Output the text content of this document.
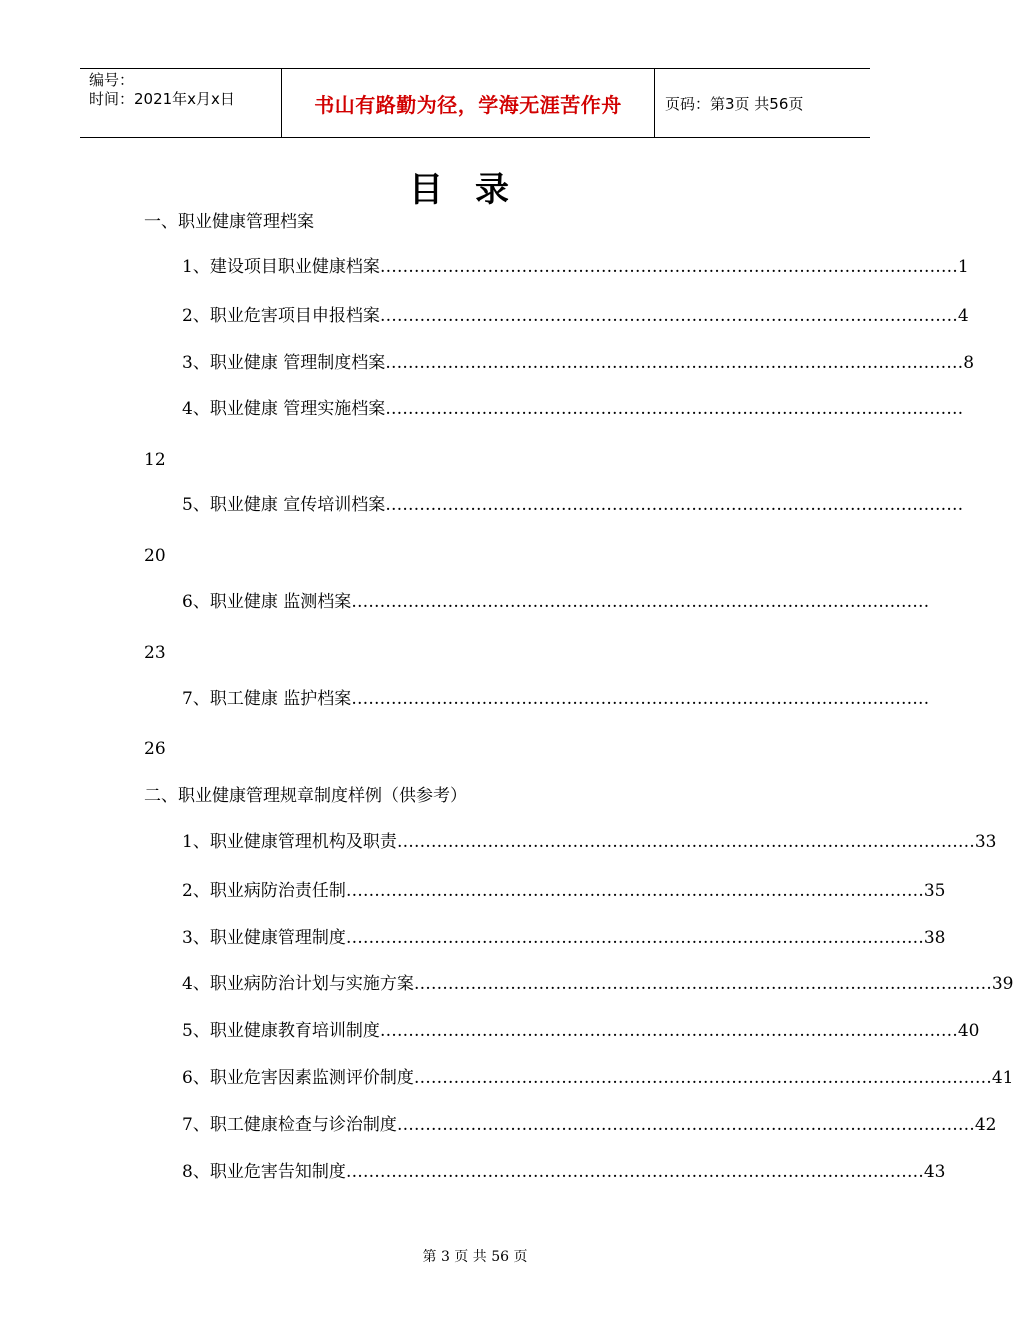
编号：
时间：2021年x月x日	书山有路勤为径，学海无涯苦作舟	页码：第3页 共56页
目录
一、职业健康管理档案
1、建设项目职业健康档案 ………………………………………………………………………………………… 1
2、职业危害项目申报档案 ………………………………………………………………………………………… 4
3、职业健康 管理制度档案 ………………………………………………………………………………………… 8
4、职业健康 管理实施档案 …………………………………………………………………………………………
12
5、职业健康 宣传培训档案 …………………………………………………………………………………………
20
6、职业健康 监测档案 …………………………………………………………………………………………
23
7、职工健康 监护档案 …………………………………………………………………………………………
26
二、职业健康管理规章制度样例（供参考）
1、职业健康管理机构及职责 ………………………………………………………………………………………… 33
2、职业病防治责任制 ………………………………………………………………………………………… 35
3、职业健康管理制度 ………………………………………………………………………………………… 38
4、职业病防治计划与实施方案 ………………………………………………………………………………………… 39
5、职业健康教育培训制度 ………………………………………………………………………………………… 40
6、职业危害因素监测评价制度 ………………………………………………………………………………………… 41
7、职工健康检查与诊治制度 ………………………………………………………………………………………… 42
8、职业危害告知制度 ………………………………………………………………………………………… 43
第 3 页 共 56 页
